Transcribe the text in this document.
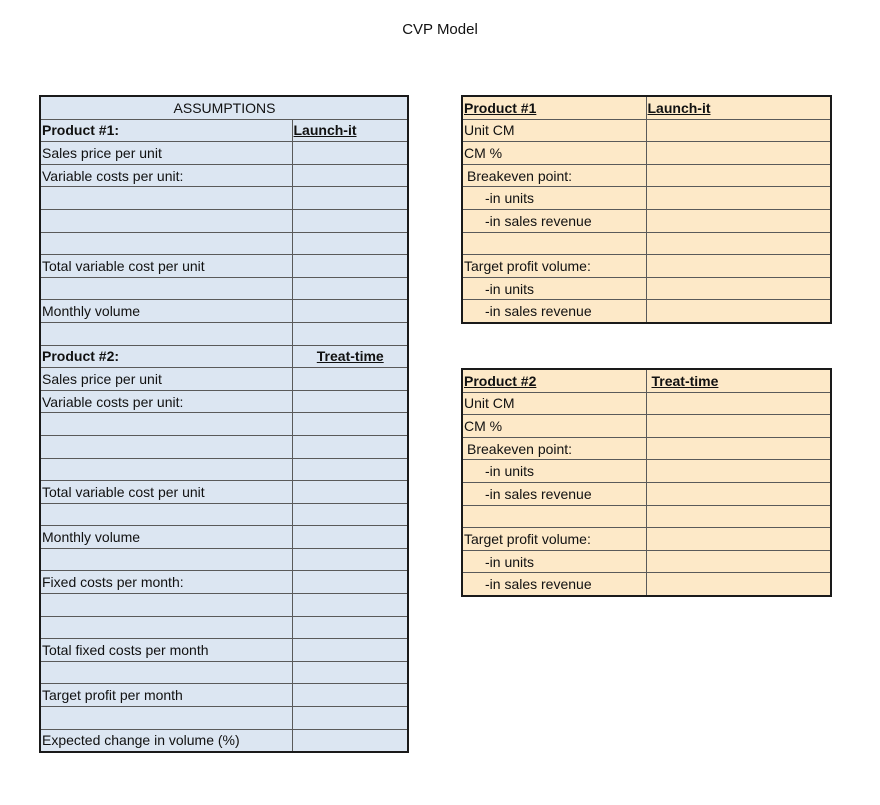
CVP Model
ASSUMPTIONS	
Product #1:	Launch-it
Sales price per unit	
Variable costs per unit:	

Total variable cost per unit	

Monthly volume	

Product #2:	Treat-time
Sales price per unit	
Variable costs per unit:	

Total variable cost per unit	

Monthly volume	

Fixed costs per month:	

Total fixed costs per month	

Target profit per month	

Expected change in volume (%)	
Product #1	Launch-it
Unit CM	
CM %	
Breakeven point:	
-in units	
-in sales revenue	

Target profit volume:	
-in units	
-in sales revenue	
Product #2	Treat-time
Unit CM	
CM %	
Breakeven point:	
-in units	
-in sales revenue	

Target profit volume:	
-in units	
-in sales revenue	
